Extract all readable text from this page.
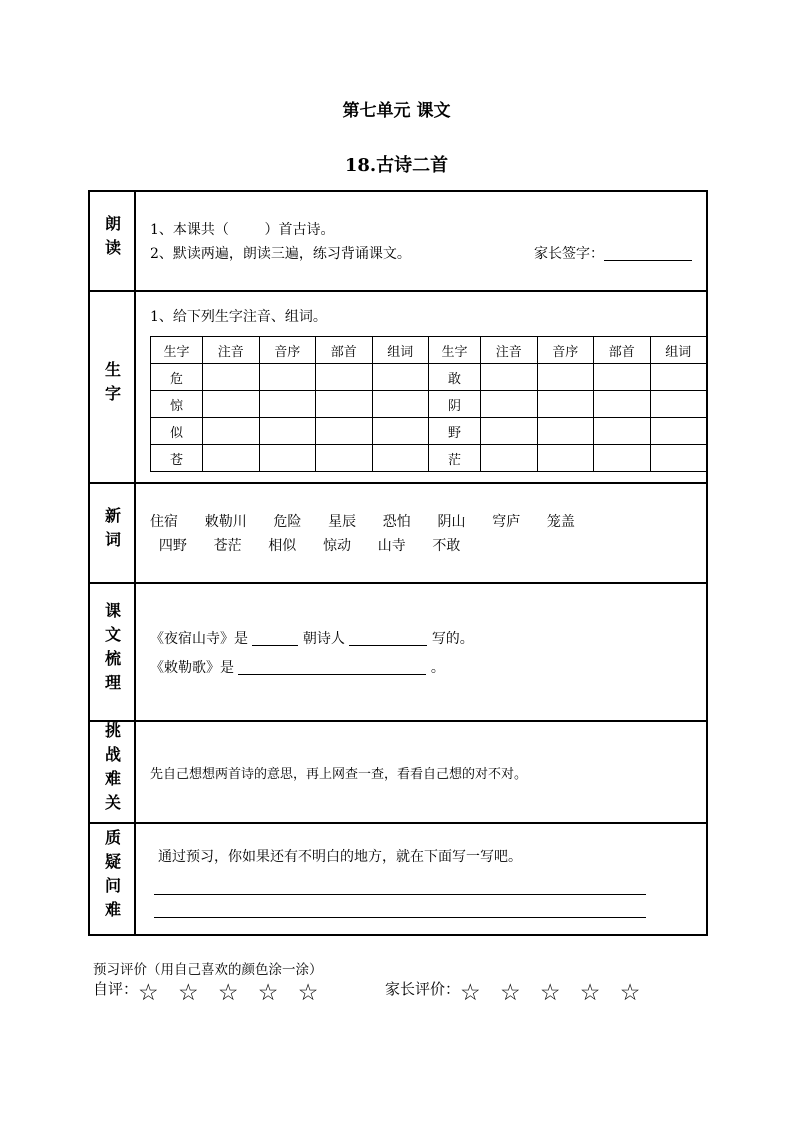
第七单元 课文
18.古诗二首
朗读	1、本课共（        ）首古诗。
2、默读两遍，朗读三遍，练习背诵课文。	家长签字：

生字	
1、给下列生字注音、组词。
生字	注音	音序	部首	组词	生字	注音	音序	部首	组词
危					敢				
惊					阴				
似					野				
苍					茫				

新词	住宿      敕勒川      危险      星辰      恐怕      阴山      穹庐      笼盖
四野      苍茫      相似      惊动      山寺      不敢

课文梳理	《夜宿山寺》是	朝诗人	写的。
《敕勒歌》是	。

挑战难关	先自己想想两首诗的意思，再上网查一查，看看自己想的对不对。

质疑问难	通过预习，你如果还有不明白的地方，就在下面写一写吧。
预习评价（用自己喜欢的颜色涂一涂）
自评：☆ ☆ ☆ ☆ ☆	家长评价：☆ ☆ ☆ ☆ ☆
